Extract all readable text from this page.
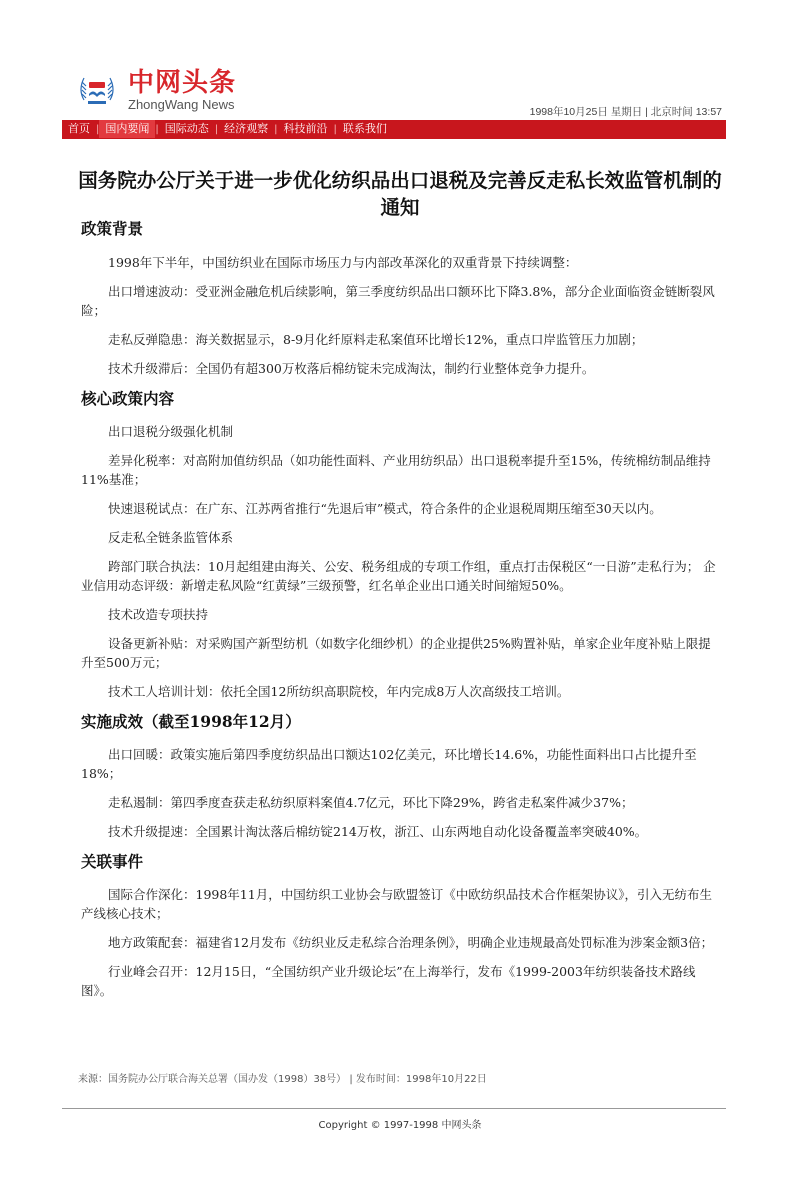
中网头条
ZhongWang News	1998年10月25日 星期日 | 北京时间 13:57
首页 | 国内要闻 | 国际动态 | 经济观察 | 科技前沿 | 联系我们
国务院办公厅关于进一步优化纺织品出口退税及完善反走私长效监管机制的通知
政策背景

1998年下半年，中国纺织业在国际市场压力与内部改革深化的双重背景下持续调整：

出口增速波动：受亚洲金融危机后续影响，第三季度纺织品出口额环比下降3.8%，部分企业面临资金链断裂风险；

走私反弹隐患：海关数据显示，8-9月化纤原料走私案值环比增长12%，重点口岸监管压力加剧；

技术升级滞后：全国仍有超300万枚落后棉纺锭未完成淘汰，制约行业整体竞争力提升。

核心政策内容

出口退税分级强化机制

差异化税率：对高附加值纺织品（如功能性面料、产业用纺织品）出口退税率提升至15%，传统棉纺制品维持11%基准；

快速退税试点：在广东、江苏两省推行“先退后审”模式，符合条件的企业退税周期压缩至30天以内。

反走私全链条监管体系

跨部门联合执法：10月起组建由海关、公安、税务组成的专项工作组，重点打击保税区“一日游”走私行为； 企业信用动态评级：新增走私风险“红黄绿”三级预警，红名单企业出口通关时间缩短50%。

技术改造专项扶持

设备更新补贴：对采购国产新型纺机（如数字化细纱机）的企业提供25%购置补贴，单家企业年度补贴上限提升至500万元；

技术工人培训计划：依托全国12所纺织高职院校，年内完成8万人次高级技工培训。

实施成效（截至1998年12月）

出口回暖：政策实施后第四季度纺织品出口额达102亿美元，环比增长14.6%，功能性面料出口占比提升至18%；

走私遏制：第四季度查获走私纺织原料案值4.7亿元，环比下降29%，跨省走私案件减少37%；

技术升级提速：全国累计淘汰落后棉纺锭214万枚，浙江、山东两地自动化设备覆盖率突破40%。

关联事件

国际合作深化：1998年11月，中国纺织工业协会与欧盟签订《中欧纺织品技术合作框架协议》，引入无纺布生产线核心技术；

地方政策配套：福建省12月发布《纺织业反走私综合治理条例》，明确企业违规最高处罚标准为涉案金额3倍；

行业峰会召开：12月15日，“全国纺织产业升级论坛”在上海举行，发布《1999-2003年纺织装备技术路线图》。

来源：国务院办公厅联合海关总署（国办发（1998）38号） | 发布时间：1998年10月22日
Copyright © 1997-1998 中网头条
